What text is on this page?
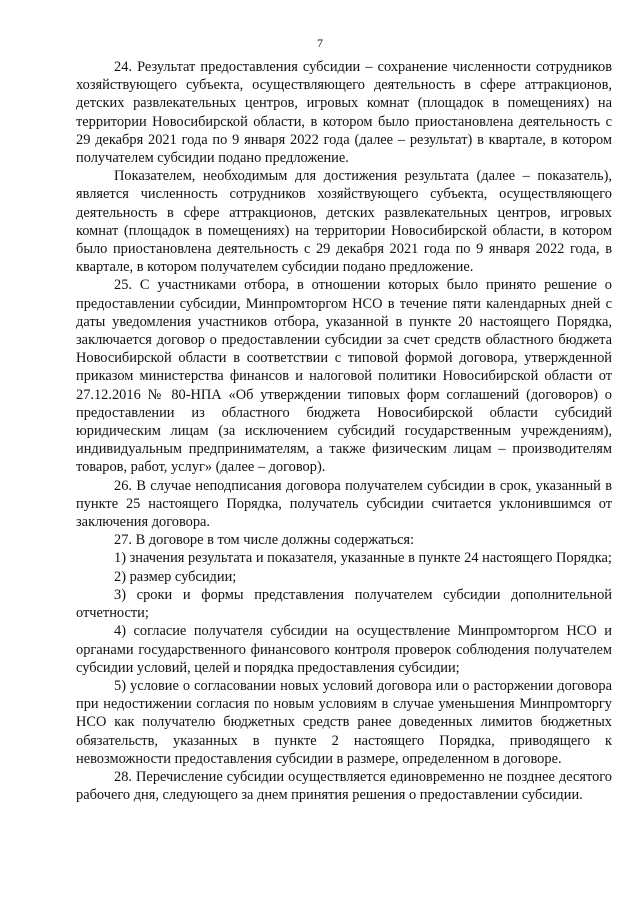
7

24. Результат предоставления субсидии – сохранение численности сотрудников хозяйствующего субъекта, осуществляющего деятельность в сфере аттракционов, детских развлекательных центров, игровых комнат (площадок в помещениях) на территории Новосибирской области, в котором было приостановлена деятельность с 29 декабря 2021 года по 9 января 2022 года (далее – результат) в квартале, в котором получателем субсидии подано предложение.

Показателем, необходимым для достижения результата (далее – показатель), является численность сотрудников хозяйствующего субъекта, осуществляющего деятельность в сфере аттракционов, детских развлекательных центров, игровых комнат (площадок в помещениях) на территории Новосибирской области, в котором было приостановлена деятельность с 29 декабря 2021 года по 9 января 2022 года, в квартале, в котором получателем субсидии подано предложение.

25. С участниками отбора, в отношении которых было принято решение о предоставлении субсидии, Минпромторгом НСО в течение пяти календарных дней с даты уведомления участников отбора, указанной в пункте 20 настоящего Порядка, заключается договор о предоставлении субсидии за счет средств областного бюджета Новосибирской области в соответствии с типовой формой договора, утвержденной приказом министерства финансов и налоговой политики Новосибирской области от 27.12.2016 № 80-НПА «Об утверждении типовых форм соглашений (договоров) о предоставлении из областного бюджета Новосибирской области субсидий юридическим лицам (за исключением субсидий государственным учреждениям), индивидуальным предпринимателям, а также физическим лицам – производителям товаров, работ, услуг» (далее – договор).

26. В случае неподписания договора получателем субсидии в срок, указанный в пункте 25 настоящего Порядка, получатель субсидии считается уклонившимся от заключения договора.

27. В договоре в том числе должны содержаться:

1) значения результата и показателя, указанные в пункте 24 настоящего Порядка;

2) размер субсидии;

3) сроки и формы представления получателем субсидии дополнительной отчетности;

4) согласие получателя субсидии на осуществление Минпромторгом НСО и органами государственного финансового контроля проверок соблюдения получателем субсидии условий, целей и порядка предоставления субсидии;

5) условие о согласовании новых условий договора или о расторжении договора при недостижении согласия по новым условиям в случае уменьшения Минпромторгу НСО как получателю бюджетных средств ранее доведенных лимитов бюджетных обязательств, указанных в пункте 2 настоящего Порядка, приводящего к невозможности предоставления субсидии в размере, определенном в договоре.

28. Перечисление субсидии осуществляется единовременно не позднее десятого рабочего дня, следующего за днем принятия решения о предоставлении субсидии.
